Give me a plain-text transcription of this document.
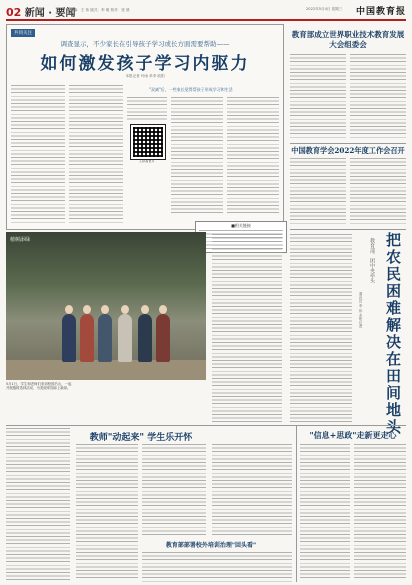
02 新闻 · 要闻
主编：王 伟 版式：李 明 校对：张 晨	2022年5月4日 星期三 中国教育报
共同关注
调查显示，不少家长在引导孩子学习或长方面需要帮助——
如何激发孩子学习内驱力
本报记者 叶雨 单李 欧阳
"双减"后，一些家长觉得帮孩子形成学习和生活
扫码看更多
■相关链接
植树添绿
5月1日，学生和老师们来到校园后山，一起开展植树造林活动，为美丽家园添上新绿。
教育部成立世界职业技术教育发展大会组委会
中国教育学会2022年度工作会召开
教育部、团中央牵头 把农民困难解决在田间地头
通讯员 李 伟 本报记者
教师"动起来" 学生乐开怀
教育部部署校外培训治理"回头看"
"信息+思政"走新更走心
